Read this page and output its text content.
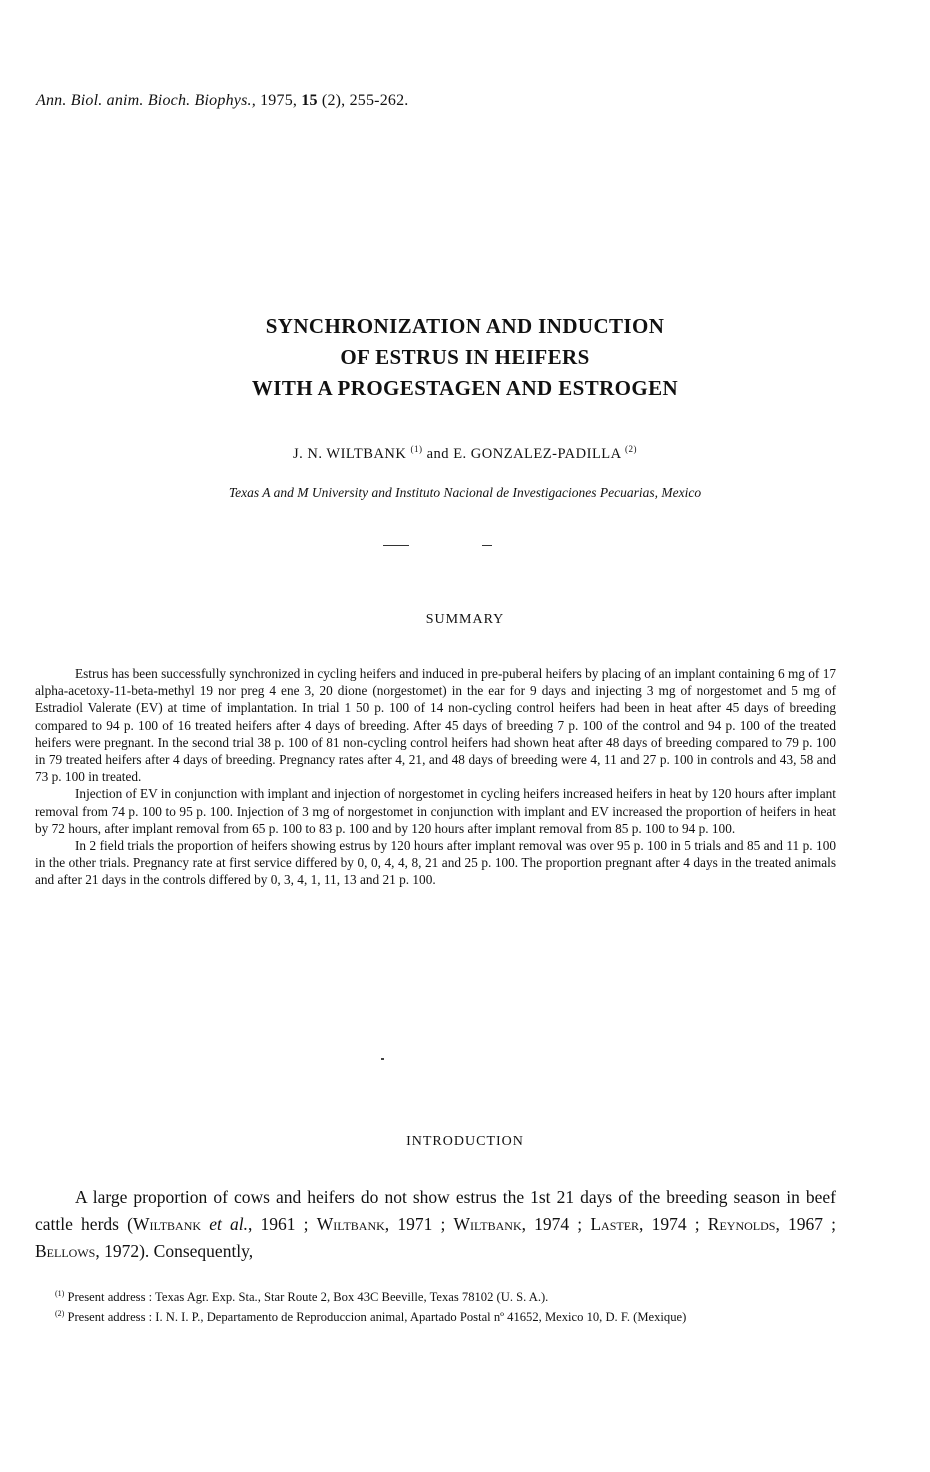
Ann. Biol. anim. Bioch. Biophys., 1975, 15 (2), 255-262.
SYNCHRONIZATION AND INDUCTION
OF ESTRUS IN HEIFERS
WITH A PROGESTAGEN AND ESTROGEN
J. N. WILTBANK $^{(1)}$ and E. GONZALEZ-PADILLA $^{(2)}$
Texas A and M University and Instituto Nacional de Investigaciones Pecuarias, Mexico
SUMMARY

Estrus has been successfully synchronized in cycling heifers and induced in pre-puberal heifers by placing of an implant containing 6 mg of 17 alpha-acetoxy-11-beta-methyl 19 nor preg 4 ene 3, 20 dione (norgestomet) in the ear for 9 days and injecting 3 mg of norgestomet and 5 mg of Estradiol Valerate (EV) at time of implantation. In trial 1 50 p. 100 of 14 non-cycling control heifers had been in heat after 45 days of breeding compared to 94 p. 100 of 16 treated heifers after 4 days of breeding. After 45 days of breeding 7 p. 100 of the control and 94 p. 100 of the treated heifers were pregnant. In the second trial 38 p. 100 of 81 non-cycling control heifers had shown heat after 48 days of breeding compared to 79 p. 100 in 79 treated heifers after 4 days of breeding. Pregnancy rates after 4, 21, and 48 days of breeding were 4, 11 and 27 p. 100 in controls and 43, 58 and 73 p. 100 in treated.

Injection of EV in conjunction with implant and injection of norgestomet in cycling heifers increased heifers in heat by 120 hours after implant removal from 74 p. 100 to 95 p. 100. Injection of 3 mg of norgestomet in conjunction with implant and EV increased the proportion of heifers in heat by 72 hours, after implant removal from 65 p. 100 to 83 p. 100 and by 120 hours after implant removal from 85 p. 100 to 94 p. 100.

In 2 field trials the proportion of heifers showing estrus by 120 hours after implant removal was over 95 p. 100 in 5 trials and 85 and 11 p. 100 in the other trials. Pregnancy rate at first service differed by 0, 0, 4, 4, 8, 21 and 25 p. 100. The proportion pregnant after 4 days in the treated animals and after 21 days in the controls differed by 0, 3, 4, 1, 11, 13 and 21 p. 100.

INTRODUCTION

A large proportion of cows and heifers do not show estrus the 1st 21 days of the breeding season in beef cattle herds (Wiltbank et al., 1961 ; Wiltbank, 1971 ; Wiltbank, 1974 ; Laster, 1974 ; Reynolds, 1967 ; Bellows, 1972). Consequently,

$^{(1)}$ Present address : Texas Agr. Exp. Sta., Star Route 2, Box 43C Beeville, Texas 78102 (U. S. A.).

$^{(2)}$ Present address : I. N. I. P., Departamento de Reproduccion animal, Apartado Postal nº 41652, Mexico 10, D. F. (Mexique)
